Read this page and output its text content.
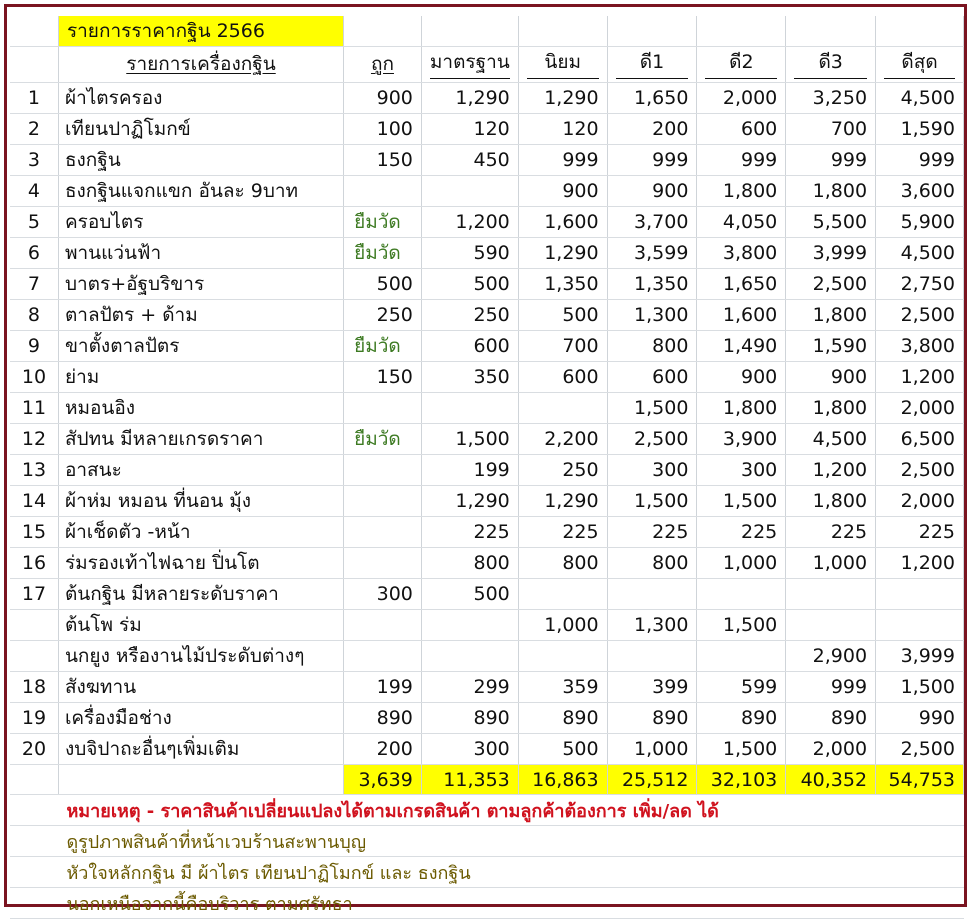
	รายการราคากฐิน 2566							
	รายการเครื่องกฐิน	ถูก	มาตรฐาน	นิยม	ดี1	ดี2	ดี3	ดีสุด

1	ผ้าไตรครอง	900	1,290	1,290	1,650	2,000	3,250	4,500
2	เทียนปาฏิโมกข์	100	120	120	200	600	700	1,590
3	ธงกฐิน	150	450	999	999	999	999	999
4	ธงกฐินแจกแขก อันละ 9บาท			900	900	1,800	1,800	3,600
5	ครอบไตร	ยืมวัด	1,200	1,600	3,700	4,050	5,500	5,900
6	พานแว่นฟ้า	ยืมวัด	590	1,290	3,599	3,800	3,999	4,500
7	บาตร+อัฐบริขาร	500	500	1,350	1,350	1,650	2,500	2,750
8	ตาลปัตร + ด้าม	250	250	500	1,300	1,600	1,800	2,500
9	ขาตั้งตาลปัตร	ยืมวัด	600	700	800	1,490	1,590	3,800
10	ย่าม	150	350	600	600	900	900	1,200
11	หมอนอิง				1,500	1,800	1,800	2,000
12	สัปทน มีหลายเกรดราคา	ยืมวัด	1,500	2,200	2,500	3,900	4,500	6,500
13	อาสนะ		199	250	300	300	1,200	2,500
14	ผ้าห่ม หมอน ที่นอน มุ้ง		1,290	1,290	1,500	1,500	1,800	2,000
15	ผ้าเช็ดตัว -หน้า		225	225	225	225	225	225
16	ร่มรองเท้าไฟฉาย ปิ่นโต		800	800	800	1,000	1,000	1,200
17	ต้นกฐิน มีหลายระดับราคา	300	500					
	ต้นโพ ร่ม			1,000	1,300	1,500		
	นกยูง หรืองานไม้ประดับต่างๆ						2,900	3,999
18	สังฆทาน	199	299	359	399	599	999	1,500
19	เครื่องมือช่าง	890	890	890	890	890	890	990
20	งบจิปาถะอื่นๆเพิ่มเติม	200	300	500	1,000	1,500	2,000	2,500
		3,639	11,353	16,863	25,512	32,103	40,352	54,753
	หมายเหตุ - ราคาสินค้าเปลี่ยนแปลงได้ตามเกรดสินค้า ตามลูกค้าต้องการ เพิ่ม/ลด ได้							
	ดูรูปภาพสินค้าที่หน้าเวบร้านสะพานบุญ							
	หัวใจหลักกฐิน มี ผ้าไตร เทียนปาฏิโมกข์ และ ธงกฐิน							
	นอกเหนือจากนี้คือบริวาร ตามศรัทธา							
